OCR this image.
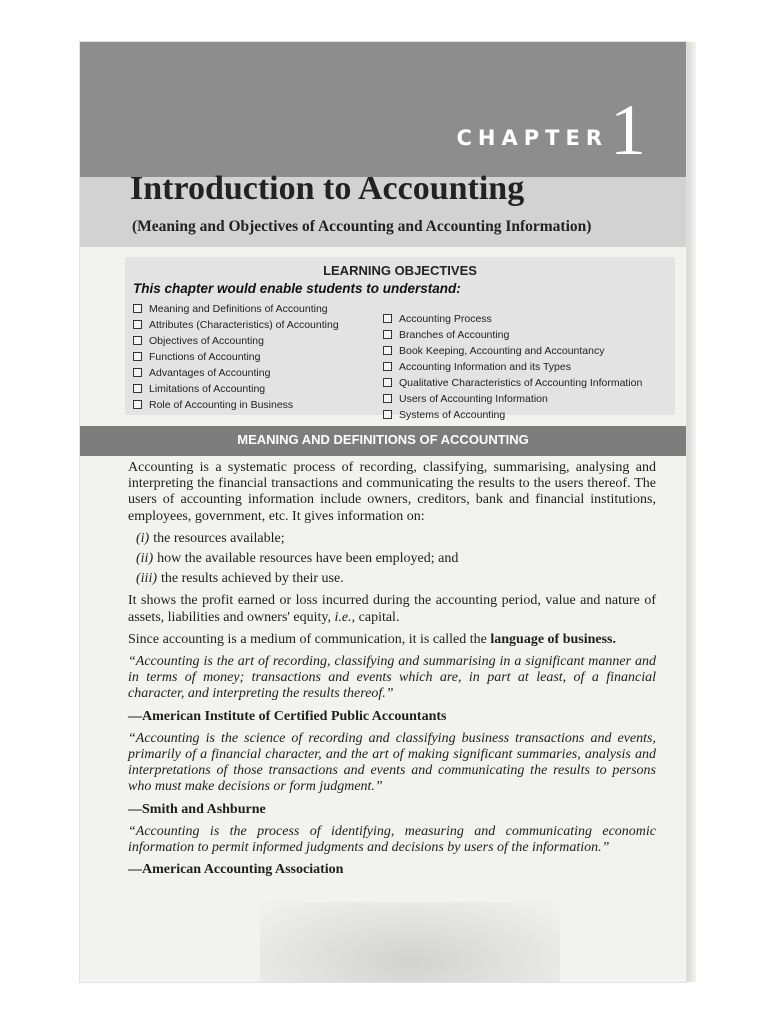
CHAPTER 1
Introduction to Accounting
(Meaning and Objectives of Accounting and Accounting Information)
LEARNING OBJECTIVES
This chapter would enable students to understand:
Meaning and Definitions of Accounting
Attributes (Characteristics) of Accounting
Objectives of Accounting
Functions of Accounting
Advantages of Accounting
Limitations of Accounting
Role of Accounting in Business
Accounting Process
Branches of Accounting
Book Keeping, Accounting and Accountancy
Accounting Information and its Types
Qualitative Characteristics of Accounting Information
Users of Accounting Information
Systems of Accounting
MEANING AND DEFINITIONS OF ACCOUNTING

Accounting is a systematic process of recording, classifying, summarising, analysing and interpreting the financial transactions and communicating the results to the users thereof. The users of accounting information include owners, creditors, bank and financial institutions, employees, government, etc. It gives information on:

(i) the resources available;
(ii) how the available resources have been employed; and
(iii) the results achieved by their use.

It shows the profit earned or loss incurred during the accounting period, value and nature of assets, liabilities and owners' equity, i.e., capital.

Since accounting is a medium of communication, it is called the language of business.

“Accounting is the art of recording, classifying and summarising in a significant manner and in terms of money; transactions and events which are, in part at least, of a financial character, and interpreting the results thereof.”

—American Institute of Certified Public Accountants

“Accounting is the science of recording and classifying business transactions and events, primarily of a financial character, and the art of making significant summaries, analysis and interpretations of those transactions and events and communicating the results to persons who must make decisions or form judgment.”

—Smith and Ashburne

“Accounting is the process of identifying, measuring and communicating economic information to permit informed judgments and decisions by users of the information.”

—American Accounting Association
